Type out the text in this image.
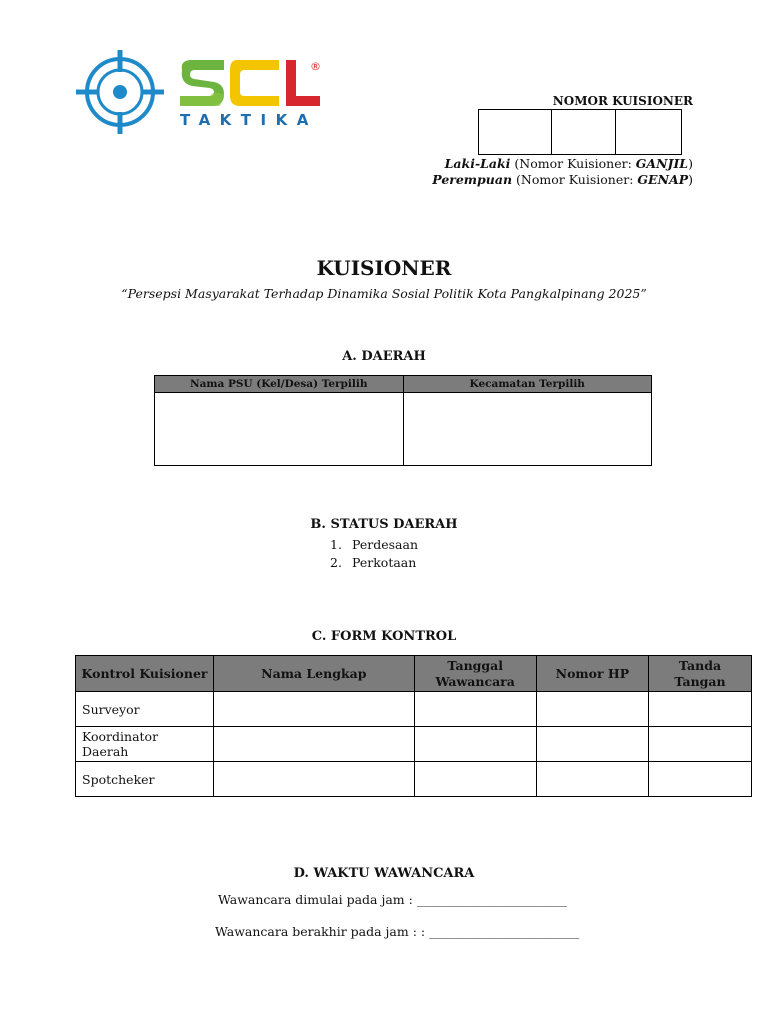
®
TAKTIKA
NOMOR KUISIONER
Laki-Laki (Nomor Kuisioner: GANJIL)
Perempuan (Nomor Kuisioner: GENAP)
KUISIONER
“Persepsi Masyarakat Terhadap Dinamika Sosial Politik Kota Pangkalpinang 2025”
A. DAERAH
Nama PSU (Kel/Desa) Terpilih	Kecamatan Terpilih

B. STATUS DAERAH
1. Perdesaan
2. Perkotaan
C. FORM KONTROL
Kontrol Kuisioner	Nama Lengkap	Tanggal Wawancara	Nomor HP	Tanda Tangan
Surveyor				
Koordinator Daerah				
Spotcheker				
D. WAKTU WAWANCARA
Wawancara dimulai pada jam : ________________________
Wawancara berakhir pada jam : : ________________________
